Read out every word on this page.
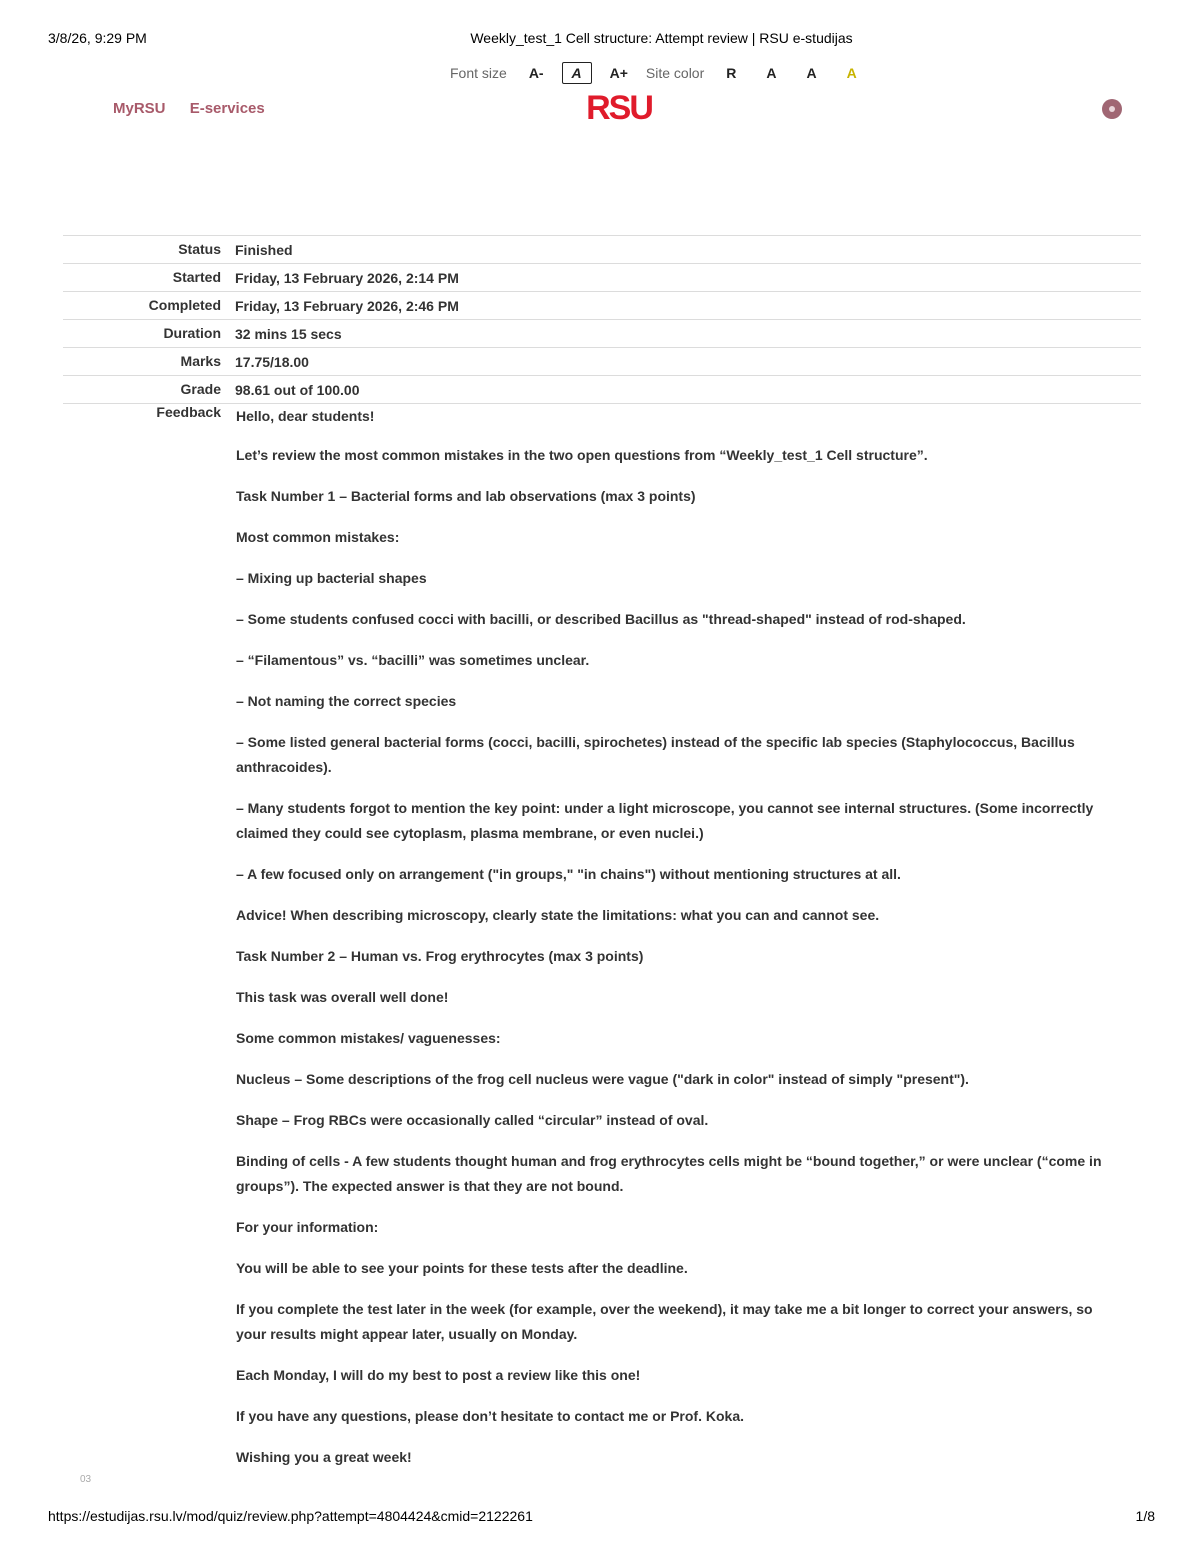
3/8/26, 9:29 PM	Weekly_test_1 Cell structure: Attempt review | RSU e-studijas
Font size	A-	A	A+	Site color	R	A	A	A
MyRSU E-services	RSU
Status	Finished
Started	Friday, 13 February 2026, 2:14 PM
Completed	Friday, 13 February 2026, 2:46 PM
Duration	32 mins 15 secs
Marks	17.75/18.00
Grade	98.61 out of 100.00
Feedback Hello, dear students!

Let’s review the most common mistakes in the two open questions from “Weekly_test_1 Cell structure”.

Task Number 1 – Bacterial forms and lab observations (max 3 points)

Most common mistakes:

– Mixing up bacterial shapes

– Some students confused cocci with bacilli, or described Bacillus as "thread-shaped" instead of rod-shaped.

– “Filamentous” vs. “bacilli” was sometimes unclear.

– Not naming the correct species

– Some listed general bacterial forms (cocci, bacilli, spirochetes) instead of the specific lab species (Staphylococcus, Bacillus anthracoides).

– Many students forgot to mention the key point: under a light microscope, you cannot see internal structures. (Some incorrectly claimed they could see cytoplasm, plasma membrane, or even nuclei.)

– A few focused only on arrangement ("in groups," "in chains") without mentioning structures at all.

Advice! When describing microscopy, clearly state the limitations: what you can and cannot see.

Task Number 2 – Human vs. Frog erythrocytes (max 3 points)

This task was overall well done!

Some common mistakes/ vaguenesses:

Nucleus – Some descriptions of the frog cell nucleus were vague ("dark in color" instead of simply "present").

Shape – Frog RBCs were occasionally called “circular” instead of oval.

Binding of cells - A few students thought human and frog erythrocytes cells might be “bound together,” or were unclear (“come in groups”). The expected answer is that they are not bound.

For your information:

You will be able to see your points for these tests after the deadline.

If you complete the test later in the week (for example, over the weekend), it may take me a bit longer to correct your answers, so your results might appear later, usually on Monday.

Each Monday, I will do my best to post a review like this one!

If you have any questions, please don’t hesitate to contact me or Prof. Koka.

Wishing you a great week!

03
https://estudijas.rsu.lv/mod/quiz/review.php?attempt=4804424&cmid=2122261	1/8
